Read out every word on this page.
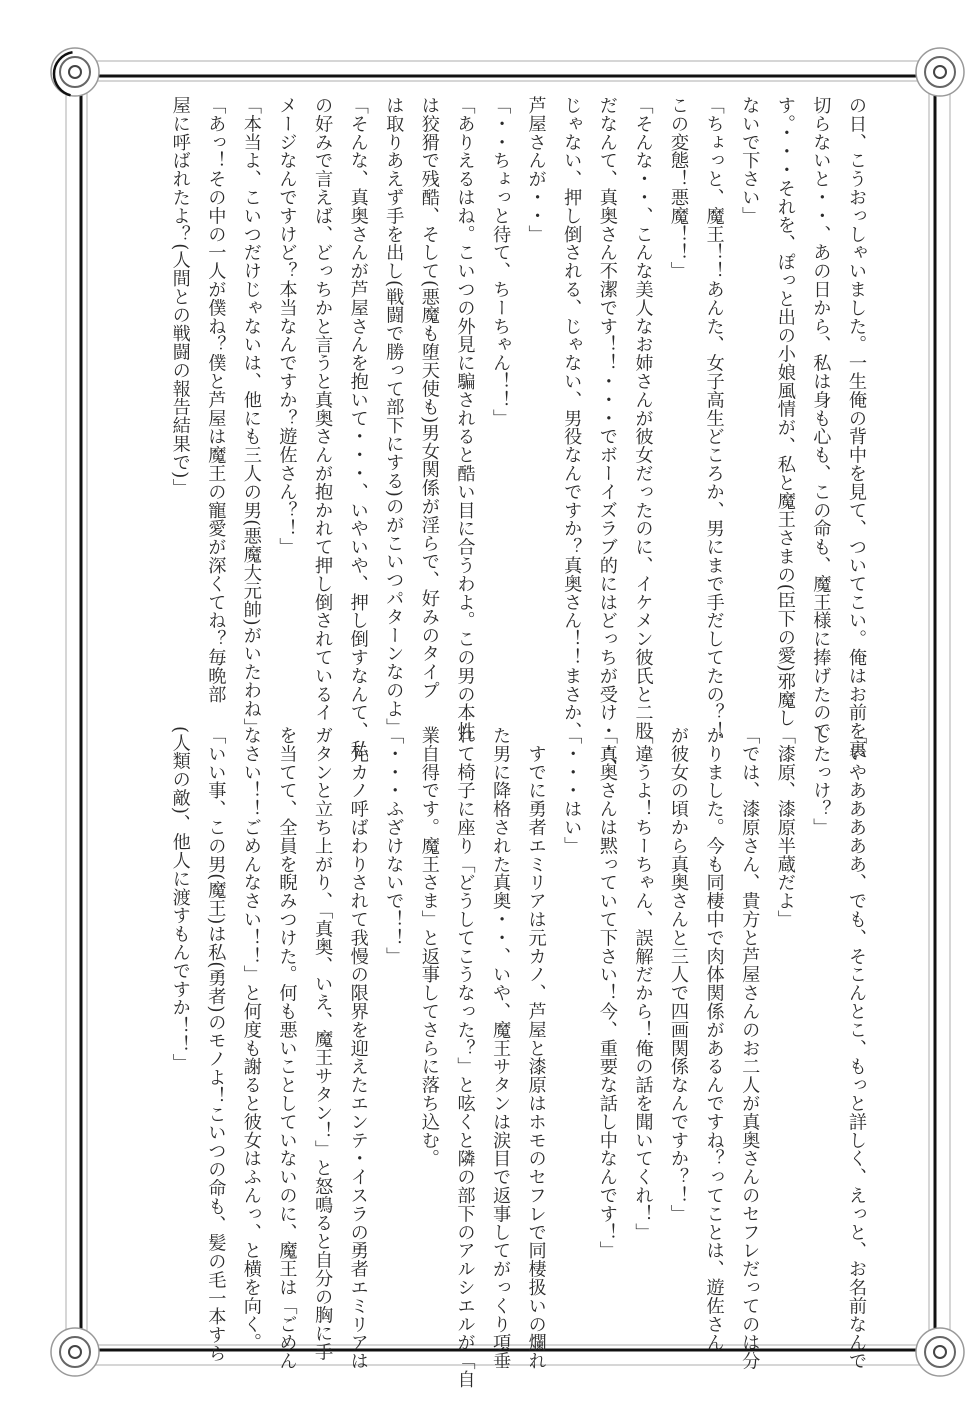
の日、こうおっしゃいました。一生俺の背中を見て、ついてこい。俺はお前を裏
切らないと・・、あの日から、私は身も心も、この命も、魔王様に捧げたので
す。・・・それを、ぽっと出の小娘風情が、私と魔王さまの(臣下の愛)邪魔し
ないで下さい」
「ちょっと、魔王！！あんた、女子高生どころか、男にまで手だしてたの？！
この変態！悪魔！！」
「そんな・・、こんな美人なお姉さんが彼女だったのに、イケメン彼氏と二股
だなんて、真奥さん不潔です！！・・・でボーイズラブ的にはどっちが受け・・、
じゃない、押し倒される、じゃない、男役なんですか？真奥さん！！まさか、
芦屋さんが・・」
「・・ちょっと待て、ちーちゃん！！」
「ありえるはね。こいつの外見に騙されると酷い目に合うわよ。この男の本性
は狡猾で残酷、そして(悪魔も堕天使も)男女関係が淫らで、好みのタイプ
は取りあえず手を出し(戦闘で勝って部下にする)のがこいつパターンなのよ」
「そんな、真奥さんが芦屋さんを抱いて・・・、いやいや、押し倒すなんて、私
の好みで言えば、どっちかと言うと真奥さんが抱かれて押し倒されているイ
メージなんですけど？本当なんですか？遊佐さん？！」
「本当よ、こいつだけじゃないは、他にも三人の男(悪魔大元帥)がいたわね」
「あっ！その中の一人が僕ね？僕と芦屋は魔王の寵愛が深くてね？毎晩部
屋に呼ばれたよ？(人間との戦闘の報告結果で)」
「いやあああああ、でも、そこんとこ、もっと詳しく、えっと、お名前なんで
したっけ？」
「漆原、漆原半蔵だよ」
「では、漆原さん、貴方と芦屋さんのお二人が真奥さんのセフレだってのは分
かりました。今も同棲中で肉体関係があるんですね？ってことは、遊佐さん
が彼女の頃から真奥さんと三人で四画関係なんですか？！」
「違うよ！ちーちゃん、誤解だから！俺の話を聞いてくれ！」
「真奥さんは黙っていて下さい！今、重要な話し中なんです！」
「・・・はい」
　すでに勇者エミリアは元カノ、芦屋と漆原はホモのセフレで同棲扱いの爛れ
た男に降格された真奥・・、いや、魔王サタンは涙目で返事してがっくり項垂
れて椅子に座り「どうしてこうなった？」と呟くと隣の部下のアルシエルが「自
業自得です。魔王さま」と返事してさらに落ち込む。
「・・・ふざけないで！！」
　元カノ呼ばわりされて我慢の限界を迎えたエンテ・イスラの勇者エミリアは
ガタンと立ち上がり、「真奥、いえ、魔王サタン！」と怒鳴ると自分の胸に手
を当てて、全員を睨みつけた。何も悪いことしていないのに、魔王は「ごめん
なさい！！ごめんなさい！！」と何度も謝ると彼女はふんっ、と横を向く。
「いい事、この男(魔王)は私(勇者)のモノよ！こいつの命も、髪の毛一本すら
(人類の敵)、他人に渡すもんですか！！」
